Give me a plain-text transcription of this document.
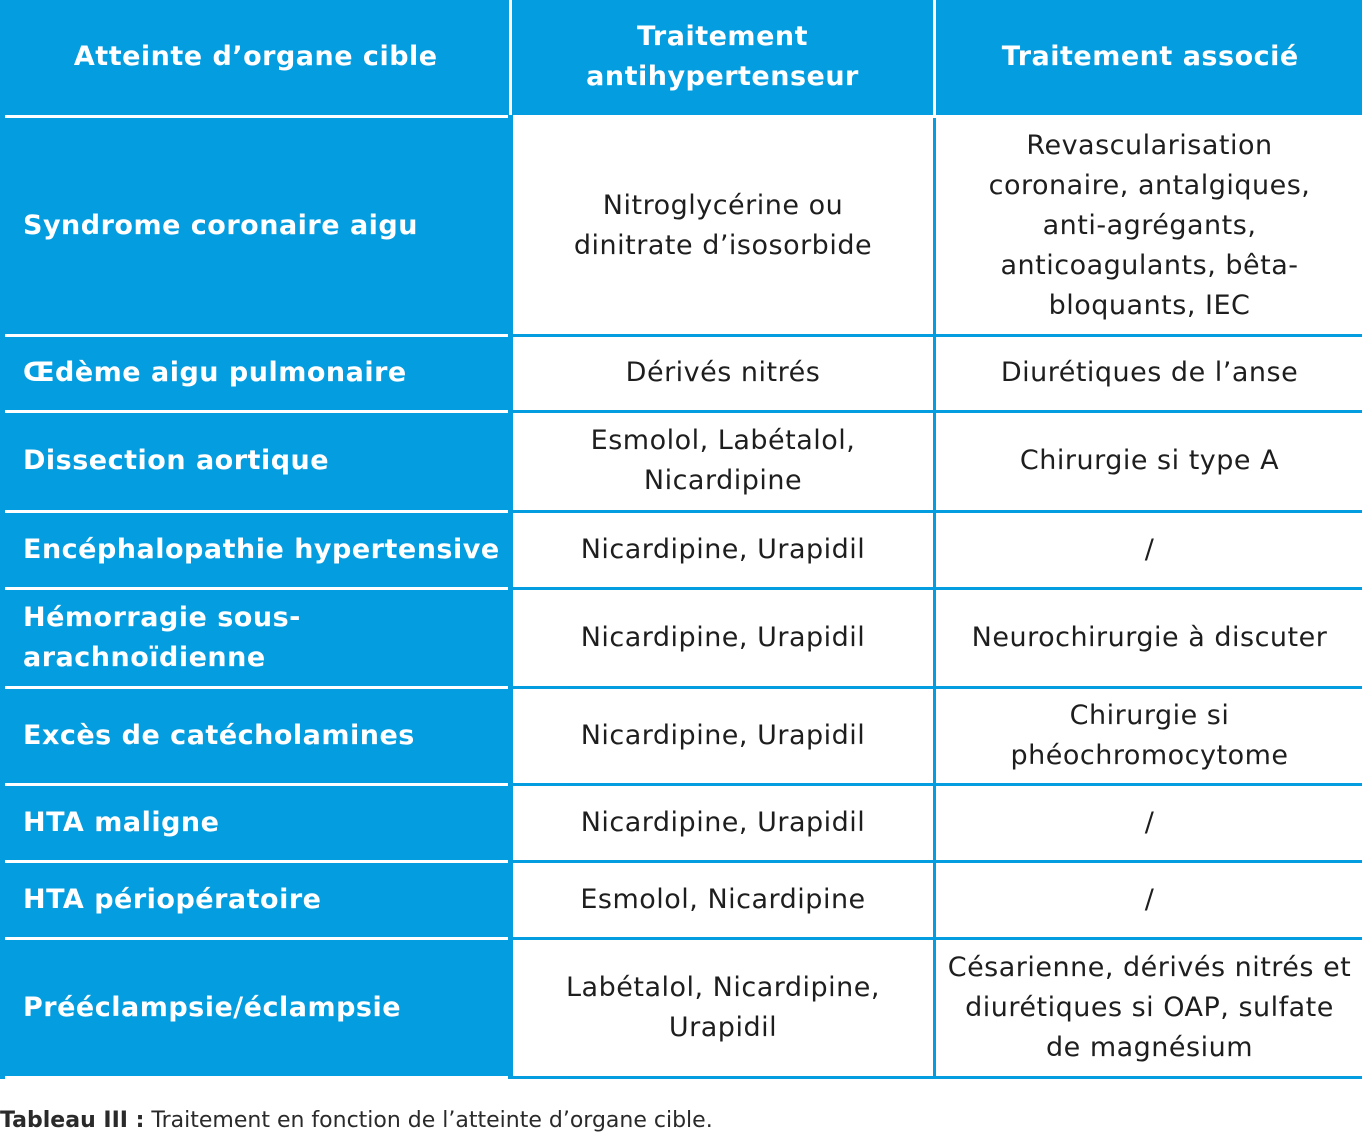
Atteinte d’organe cible	Traitement antihypertenseur	Traitement associé
Syndrome coronaire aigu	Nitroglycérine ou dinitrate d’isosorbide	Revascularisation coronaire, antalgiques, anti-agrégants, anticoagulants, bêta-bloquants, IEC
Œdème aigu pulmonaire	Dérivés nitrés	Diurétiques de l’anse
Dissection aortique	Esmolol, Labétalol, Nicardipine	Chirurgie si type A
Encéphalopathie hypertensive	Nicardipine, Urapidil	/
Hémorragie sous-arachnoïdienne	Nicardipine, Urapidil	Neurochirurgie à discuter
Excès de catécholamines	Nicardipine, Urapidil	Chirurgie si phéochromocytome
HTA maligne	Nicardipine, Urapidil	/
HTA périopératoire	Esmolol, Nicardipine	/
Prééclampsie/éclampsie	Labétalol, Nicardipine, Urapidil	Césarienne, dérivés nitrés et diurétiques si OAP, sulfate de magnésium
Tableau III : Traitement en fonction de l’atteinte d’organe cible.
